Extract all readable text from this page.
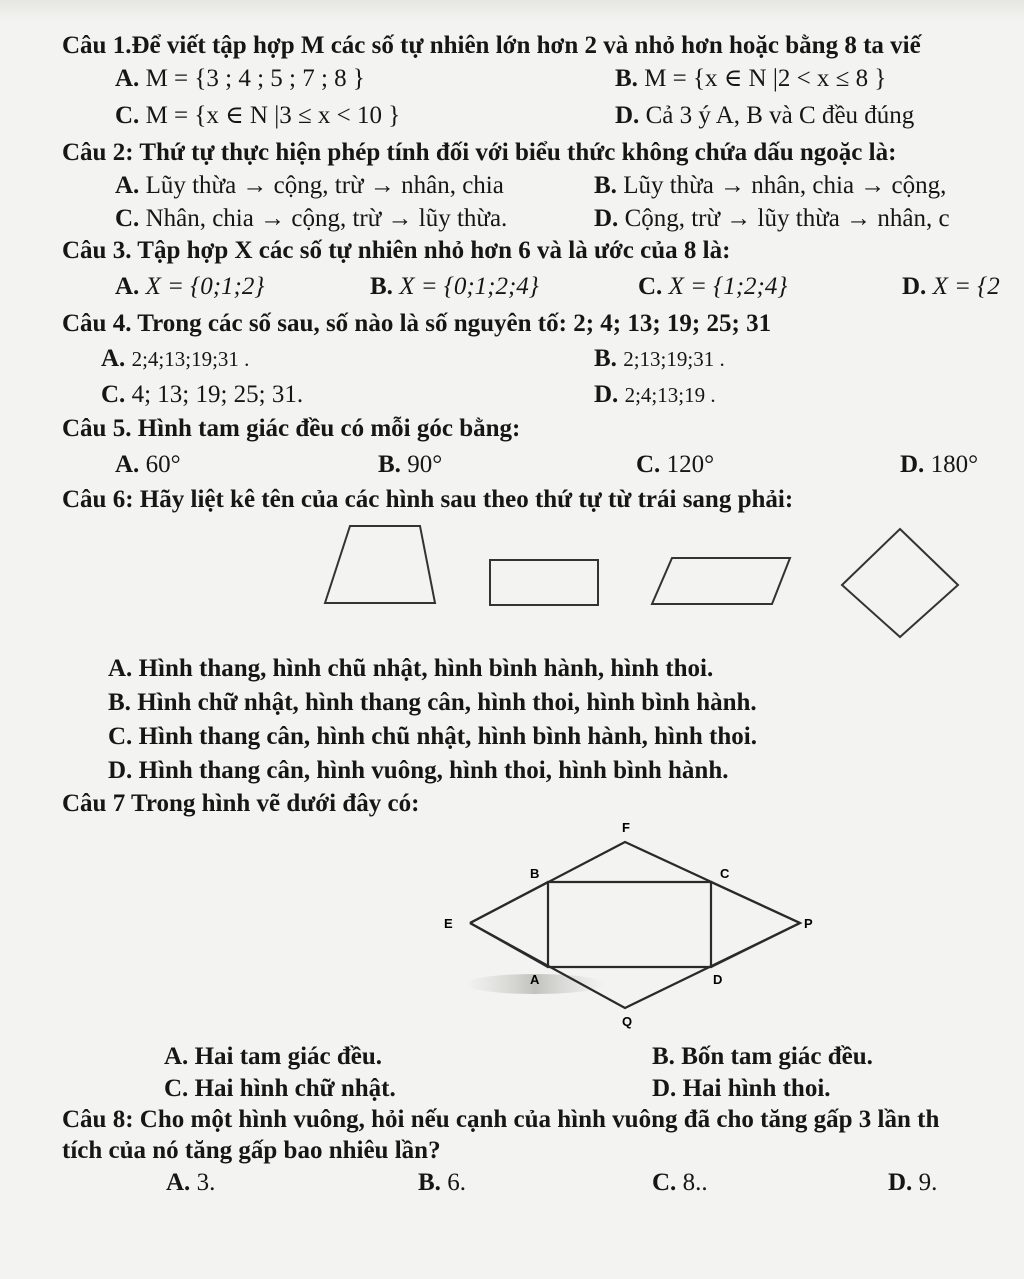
Câu 1.Để viết tập hợp M các số tự nhiên lớn hơn 2 và nhỏ hơn hoặc bằng 8 ta viế
A. M = {3 ; 4 ; 5 ; 7 ; 8 }	B. M = {x ∈ N |2 < x ≤ 8 }
C. M = {x ∈ N |3 ≤ x < 10 }	D. Cả 3 ý A, B và C đều đúng
Câu 2: Thứ tự thực hiện phép tính đối với biểu thức không chứa dấu ngoặc là:
A. Lũy thừa → cộng, trừ → nhân, chia	B. Lũy thừa → nhân, chia → cộng,
C. Nhân, chia → cộng, trừ → lũy thừa.	D. Cộng, trừ → lũy thừa → nhân, c
Câu 3. Tập hợp X các số tự nhiên nhỏ hơn 6 và là ước của 8 là:
A. X = {0;1;2}	B. X = {0;1;2;4}	C. X = {1;2;4}	D. X = {2
Câu 4. Trong các số sau, số nào là số nguyên tố: 2; 4; 13; 19; 25; 31
A. 2;4;13;19;31 .	B. 2;13;19;31 .
C. 4; 13; 19; 25; 31.	D. 2;4;13;19 .
Câu 5. Hình tam giác đều có mỗi góc bằng:
A. 60°	B. 90°	C. 120°	D. 180°
Câu 6: Hãy liệt kê tên của các hình sau theo thứ tự từ trái sang phải:
A. Hình thang, hình chũ nhật, hình bình hành, hình thoi.
B. Hình chữ nhật, hình thang cân, hình thoi, hình bình hành.
C. Hình thang cân, hình chũ nhật, hình bình hành, hình thoi.
D. Hình thang cân, hình vuông, hình thoi, hình bình hành.
Câu 7 Trong hình vẽ dưới đây có:
F
B	C
E	P
A	D
Q
A. Hai tam giác đều.	B. Bốn tam giác đều.
C. Hai hình chữ nhật.	D. Hai hình thoi.
Câu 8: Cho một hình vuông, hỏi nếu cạnh của hình vuông đã cho tăng gấp 3 lần th
tích của nó tăng gấp bao nhiêu lần?
A. 3.	B. 6.	C. 8..	D. 9.
